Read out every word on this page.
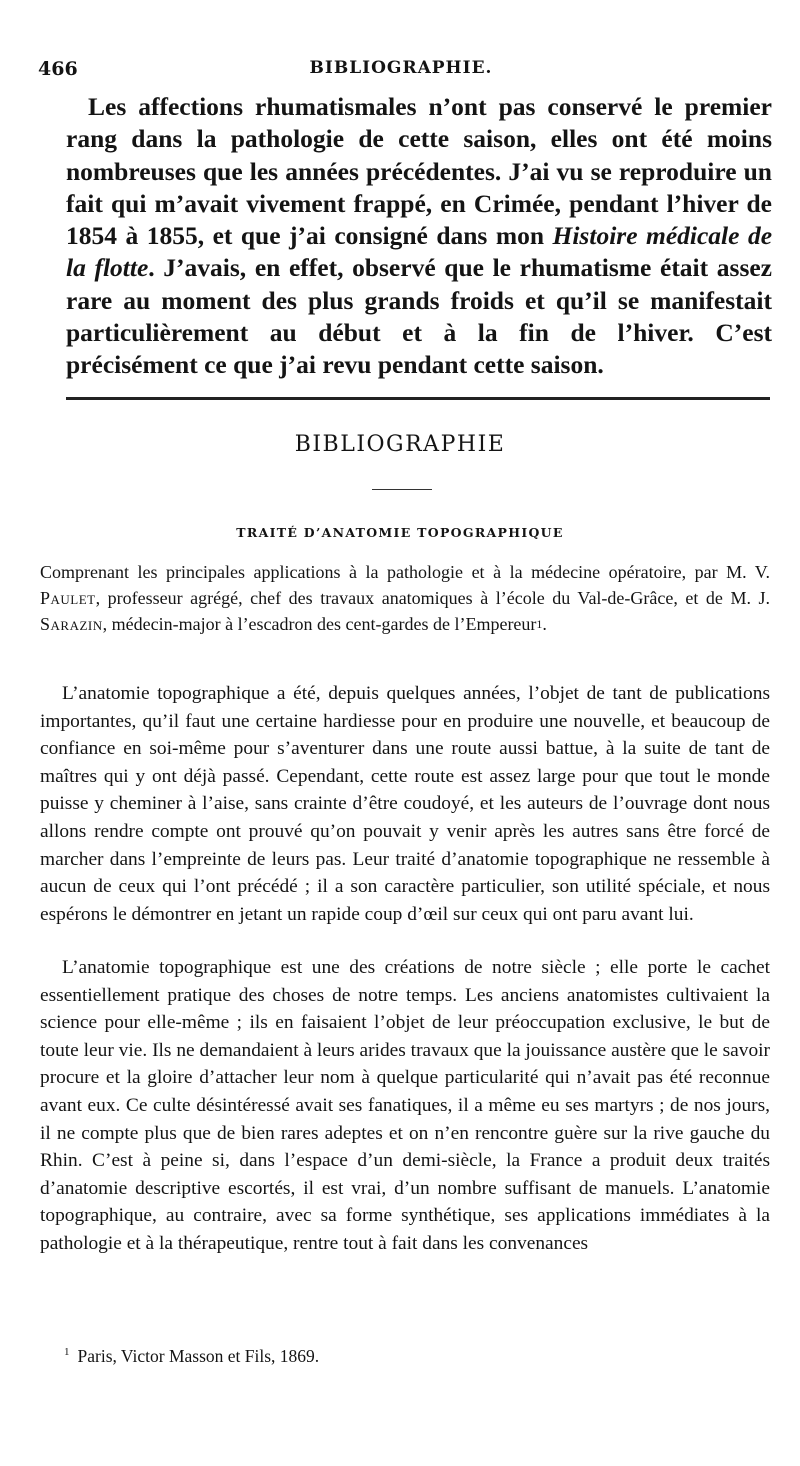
466	BIBLIOGRAPHIE.

Les affections rhumatismales n’ont pas conservé le premier rang dans la pathologie de cette saison, elles ont été moins nombreuses que les années précédentes. J’ai vu se reproduire un fait qui m’avait vivement frappé, en Crimée, pendant l’hiver de 1854 à 1855, et que j’ai consigné dans mon Histoire médicale de la flotte. J’avais, en effet, observé que le rhumatisme était assez rare au moment des plus grands froids et qu’il se manifestait particulièrement au début et à la fin de l’hiver. C’est précisément ce que j’ai revu pendant cette saison.

BIBLIOGRAPHIE
TRAITÉ D’ANATOMIE TOPOGRAPHIQUE

Comprenant les principales applications à la pathologie et à la médecine opératoire, par M. V. Paulet, professeur agrégé, chef des travaux anatomiques à l’école du Val-de-Grâce, et de M. J. Sarazin, médecin-major à l’escadron des cent-gardes de l’Empereur$^1$.

L’anatomie topographique a été, depuis quelques années, l’objet de tant de publications importantes, qu’il faut une certaine hardiesse pour en produire une nouvelle, et beaucoup de confiance en soi-même pour s’aventurer dans une route aussi battue, à la suite de tant de maîtres qui y ont déjà passé. Cependant, cette route est assez large pour que tout le monde puisse y cheminer à l’aise, sans crainte d’être coudoyé, et les auteurs de l’ouvrage dont nous allons rendre compte ont prouvé qu’on pouvait y venir après les autres sans être forcé de marcher dans l’empreinte de leurs pas. Leur traité d’anatomie topographique ne ressemble à aucun de ceux qui l’ont précédé ; il a son caractère particulier, son utilité spéciale, et nous espérons le démontrer en jetant un rapide coup d’œil sur ceux qui ont paru avant lui.

L’anatomie topographique est une des créations de notre siècle ; elle porte le cachet essentiellement pratique des choses de notre temps. Les anciens anatomistes cultivaient la science pour elle-même ; ils en faisaient l’objet de leur préoccupation exclusive, le but de toute leur vie. Ils ne demandaient à leurs arides travaux que la jouissance austère que le savoir procure et la gloire d’attacher leur nom à quelque particularité qui n’avait pas été reconnue avant eux. Ce culte désintéressé avait ses fanatiques, il a même eu ses martyrs ; de nos jours, il ne compte plus que de bien rares adeptes et on n’en rencontre guère sur la rive gauche du Rhin. C’est à peine si, dans l’espace d’un demi-siècle, la France a produit deux traités d’anatomie descriptive escortés, il est vrai, d’un nombre suffisant de manuels. L’anatomie topographique, au contraire, avec sa forme synthétique, ses applications immédiates à la pathologie et à la thérapeutique, rentre tout à fait dans les convenances

$^1$ Paris, Victor Masson et Fils, 1869.
